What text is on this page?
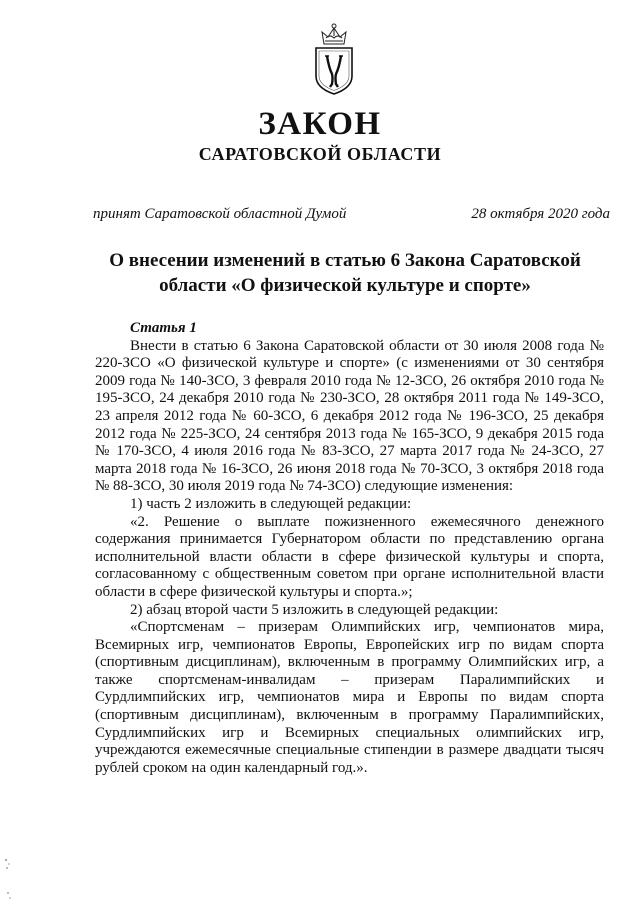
ЗАКОН
САРАТОВСКОЙ ОБЛАСТИ
принят Саратовской областной Думой	28 октября 2020 года
О внесении изменений в статью 6 Закона Саратовской области «О физической культуре и спорте»
Статья 1

Внести в статью 6 Закона Саратовской области от 30 июля 2008 года № 220-ЗСО «О физической культуре и спорте» (с изменениями от 30 сентября 2009 года № 140-ЗСО, 3 февраля 2010 года № 12-ЗСО, 26 октября 2010 года № 195-ЗСО, 24 декабря 2010 года № 230-ЗСО, 28 октября 2011 года № 149-ЗСО, 23 апреля 2012 года № 60-ЗСО, 6 декабря 2012 года № 196-ЗСО, 25 декабря 2012 года № 225-ЗСО, 24 сентября 2013 года № 165-ЗСО, 9 декабря 2015 года № 170-ЗСО, 4 июля 2016 года № 83-ЗСО, 27 марта 2017 года № 24-ЗСО, 27 марта 2018 года № 16-ЗСО, 26 июня 2018 года № 70-ЗСО, 3 октября 2018 года № 88-ЗСО, 30 июля 2019 года № 74-ЗСО) следующие изменения:

1) часть 2 изложить в следующей редакции:

«2. Решение о выплате пожизненного ежемесячного денежного содержания принимается Губернатором области по представлению органа исполнительной власти области в сфере физической культуры и спорта, согласованному с общественным советом при органе исполнительной власти области в сфере физической культуры и спорта.»;

2) абзац второй части 5 изложить в следующей редакции:

«Спортсменам – призерам Олимпийских игр, чемпионатов мира, Всемирных игр, чемпионатов Европы, Европейских игр по видам спорта (спортивным дисциплинам), включенным в программу Олимпийских игр, а также спортсменам-инвалидам – призерам Паралимпийских и Сурдлимпийских игр, чемпионатов мира и Европы по видам спорта (спортивным дисциплинам), включенным в программу Паралимпийских, Сурдлимпийских игр и Всемирных специальных олимпийских игр, учреждаются ежемесячные специальные стипендии в размере двадцати тысяч рублей сроком на один календарный год.».
